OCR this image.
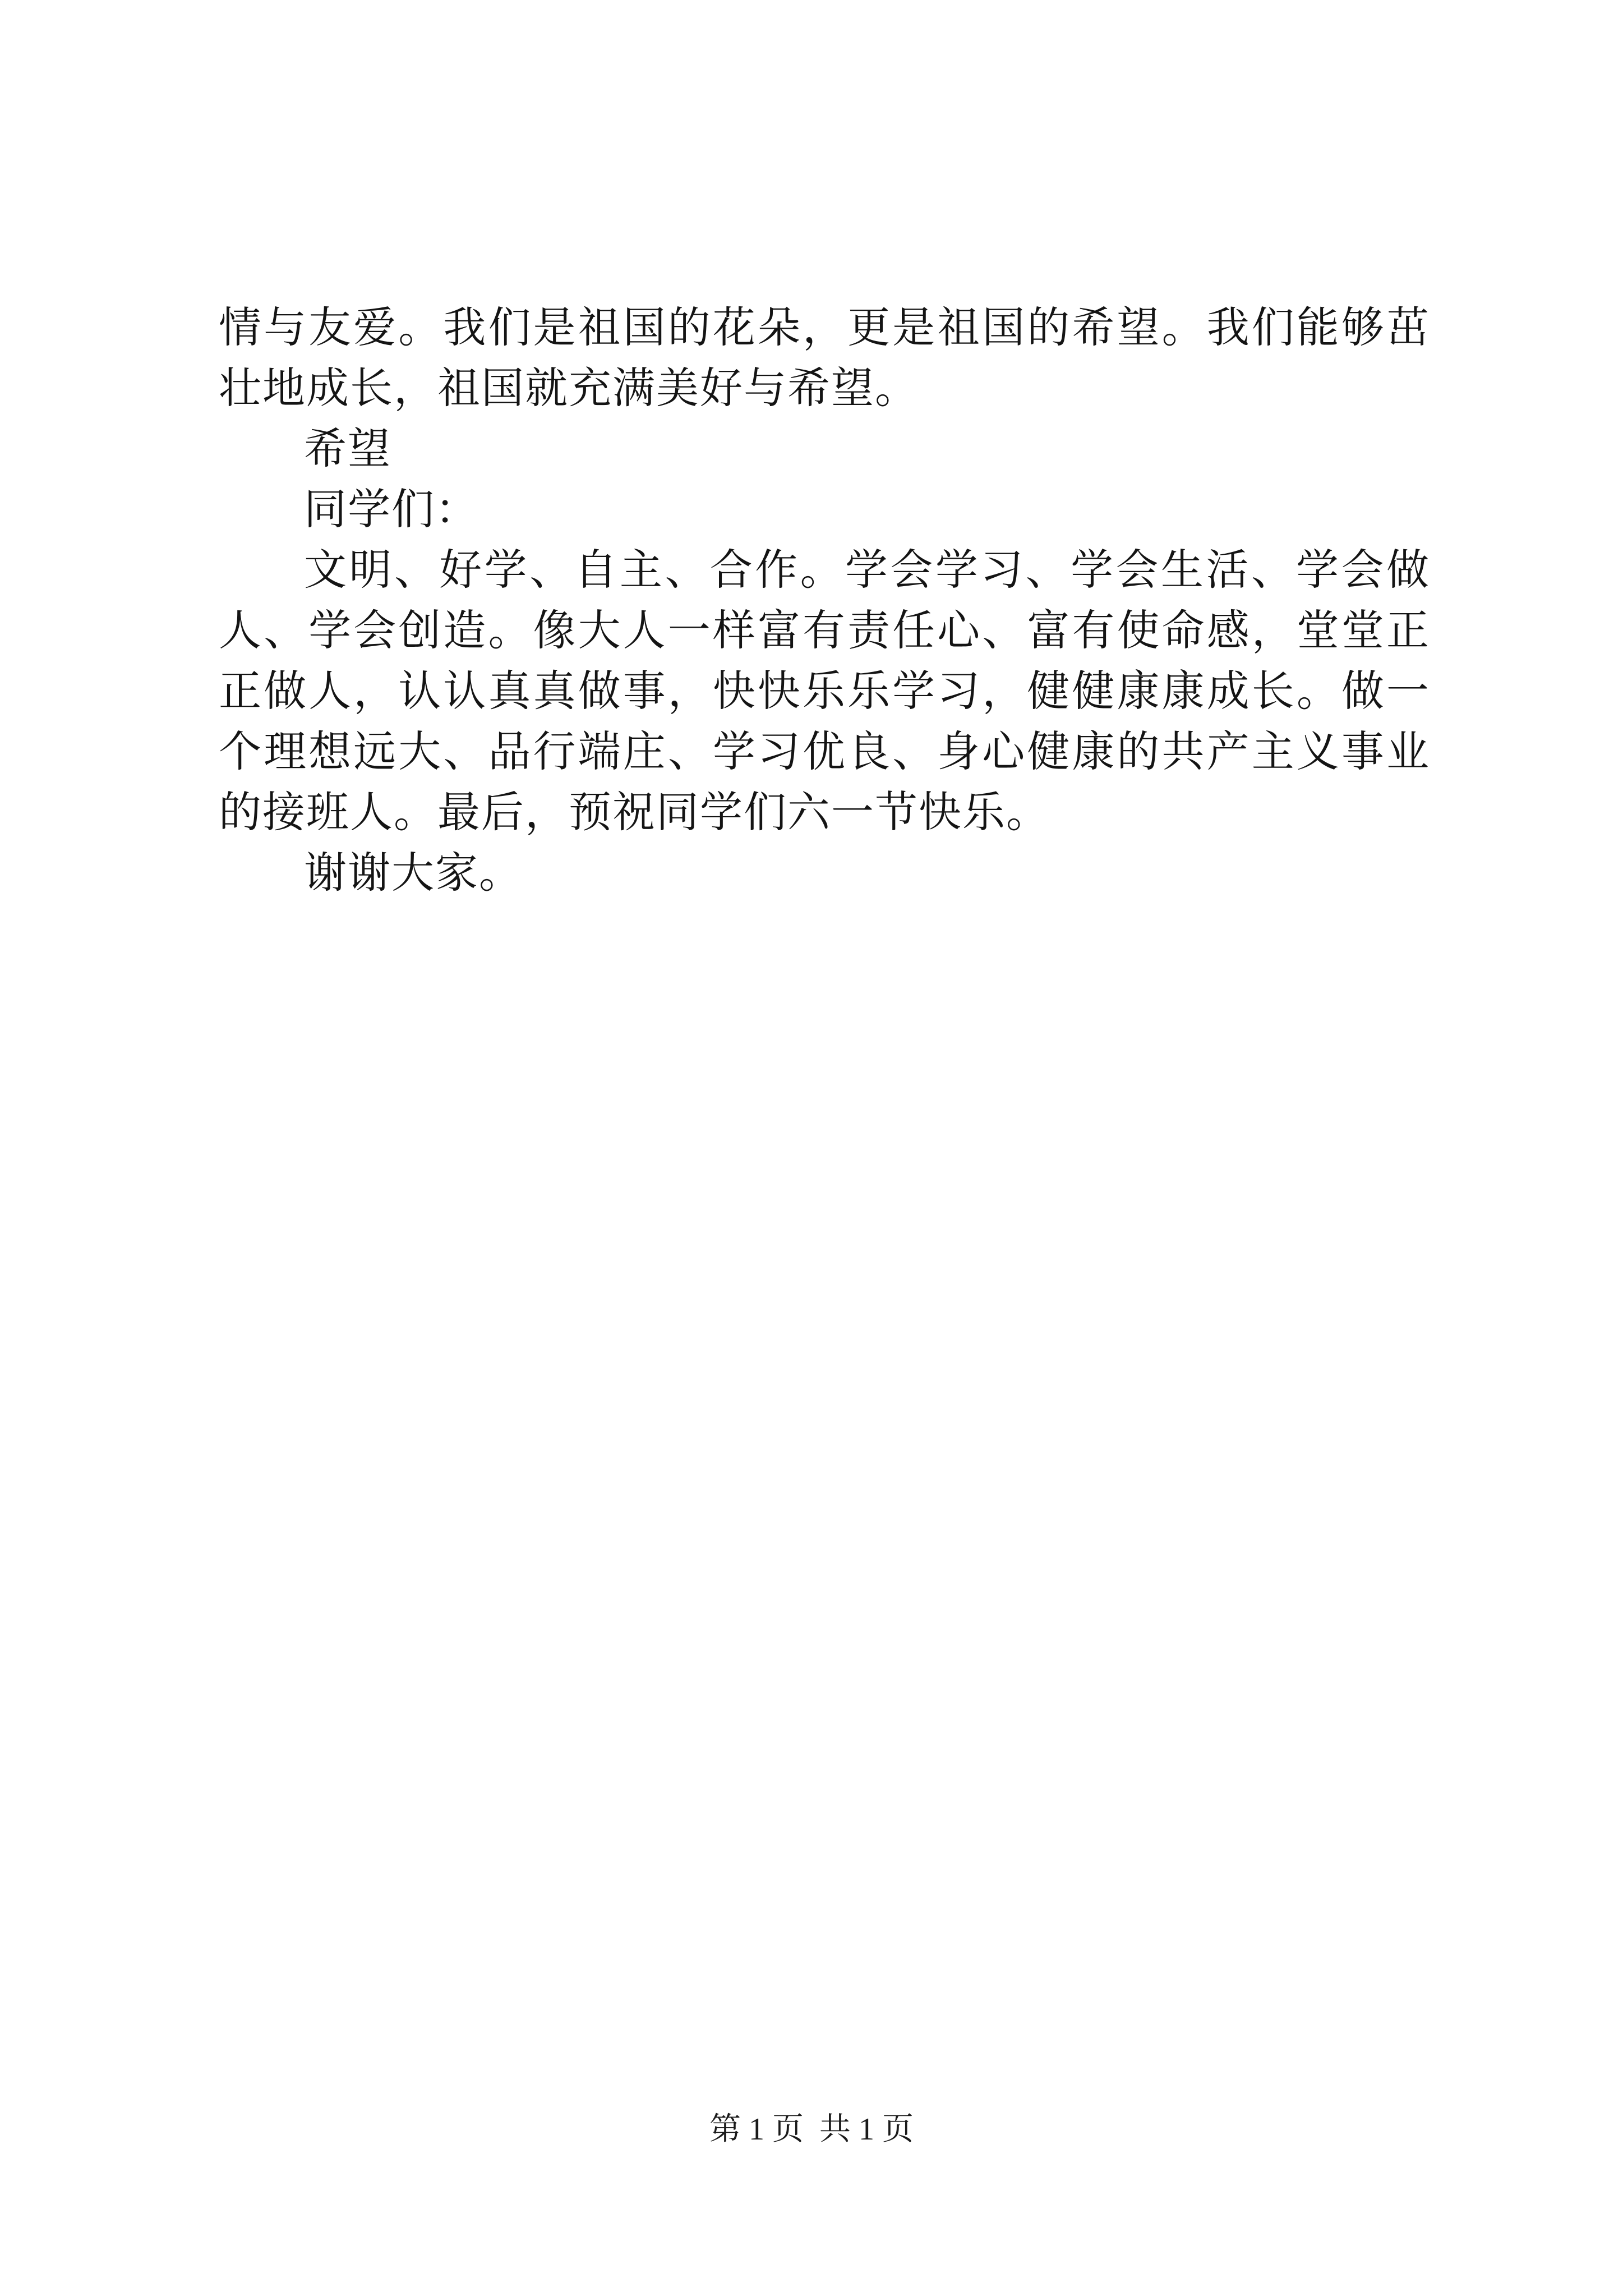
情与友爱。我们是祖国的花朵，更是祖国的希望。我们能够茁壮地成长，祖国就充满美好与希望。

希望

同学们：

文明、好学、自主、合作。学会学习、学会生活、学会做人、学会创造。像大人一样富有责任心、富有使命感，堂堂正正做人，认认真真做事，快快乐乐学习，健健康康成长。做一个理想远大、品行端庄、学习优良、身心健康的共产主义事业的接班人。最后，预祝同学们六一节快乐。

谢谢大家。

第 1 页  共 1 页
